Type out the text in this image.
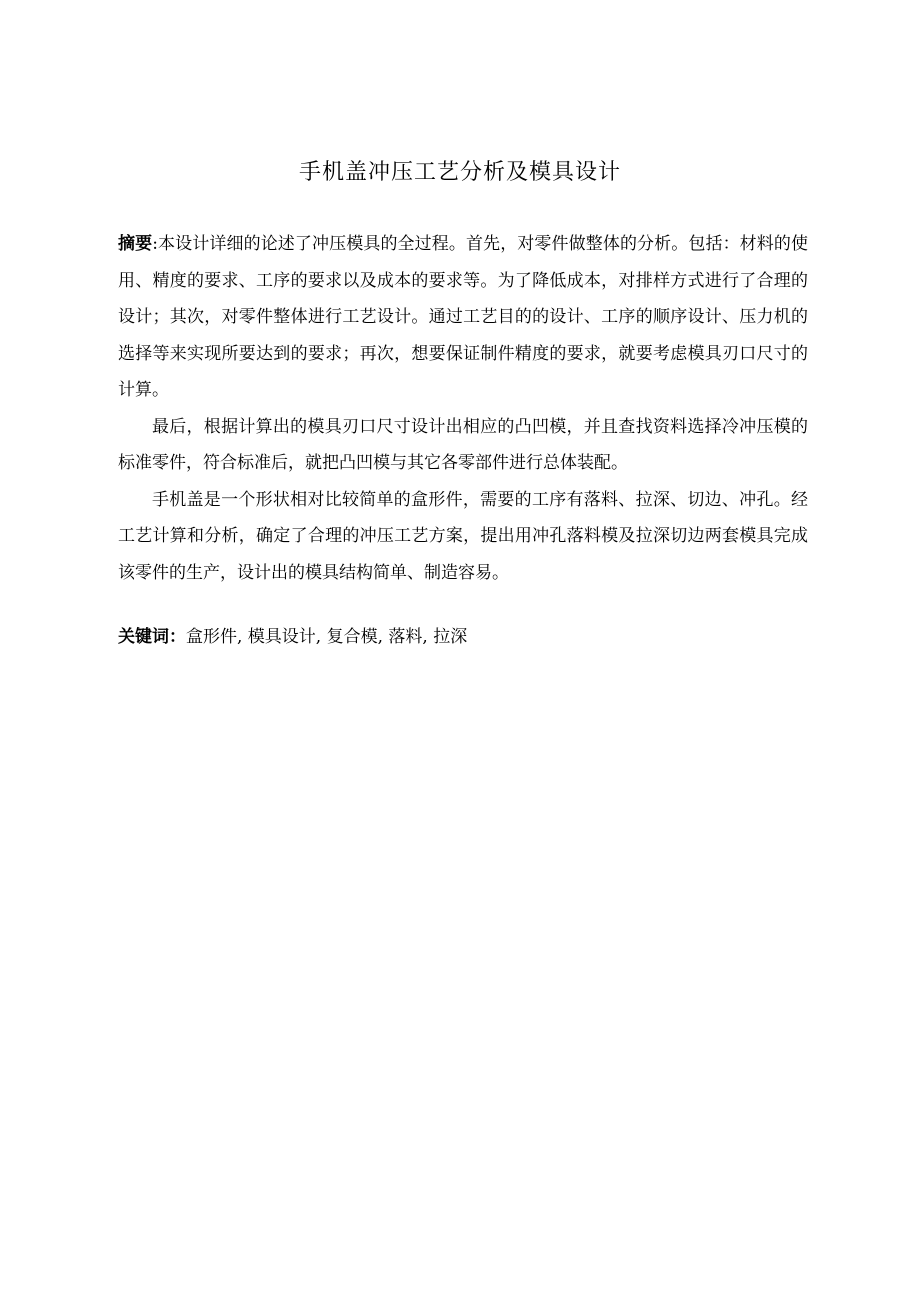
手机盖冲压工艺分析及模具设计

摘要:本设计详细的论述了冲压模具的全过程。首先，对零件做整体的分析。包括：材料的使用、精度的要求、工序的要求以及成本的要求等。为了降低成本，对排样方式进行了合理的设计；其次，对零件整体进行工艺设计。通过工艺目的的设计、工序的顺序设计、压力机的选择等来实现所要达到的要求；再次，想要保证制件精度的要求，就要考虑模具刃口尺寸的计算。

最后，根据计算出的模具刃口尺寸设计出相应的凸凹模，并且查找资料选择冷冲压模的标准零件，符合标准后，就把凸凹模与其它各零部件进行总体装配。

手机盖是一个形状相对比较简单的盒形件，需要的工序有落料、拉深、切边、冲孔。经工艺计算和分析，确定了合理的冲压工艺方案，提出用冲孔落料模及拉深切边两套模具完成该零件的生产，设计出的模具结构简单、制造容易。

关键词：盒形件, 模具设计, 复合模, 落料, 拉深
